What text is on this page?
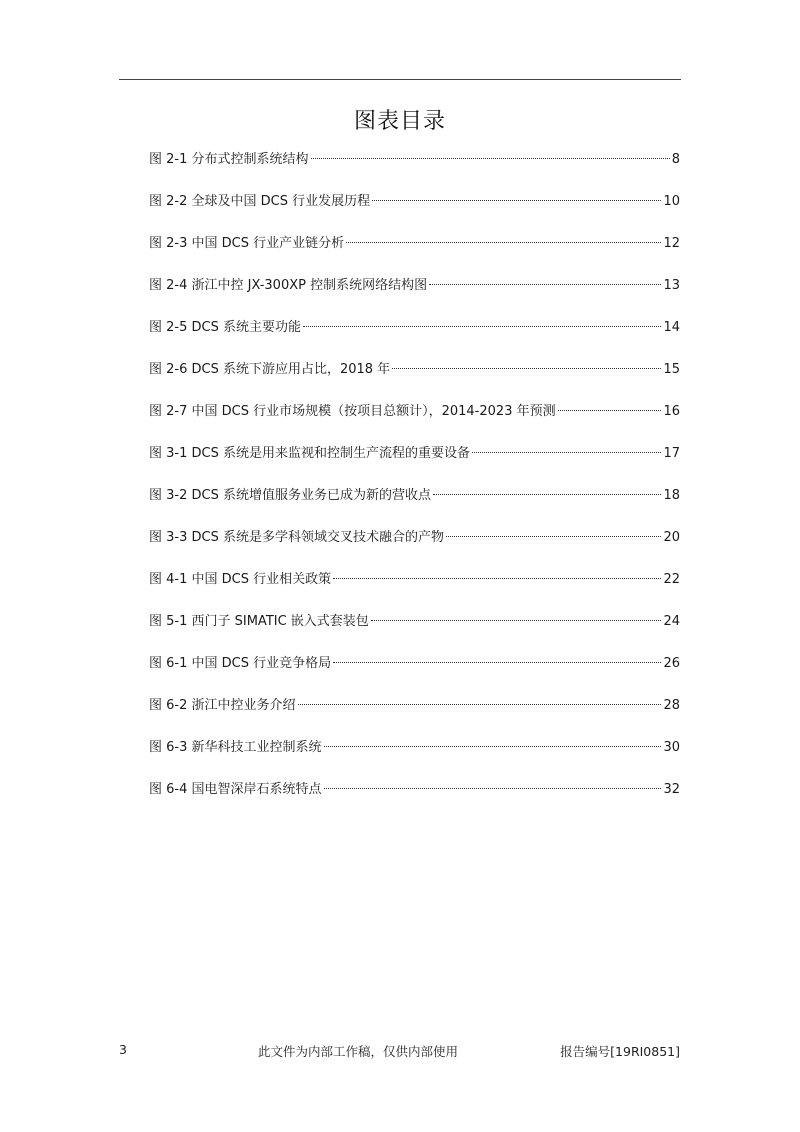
图表目录
图 2-1 分布式控制系统结构	8
图 2-2 全球及中国 DCS 行业发展历程	10
图 2-3 中国 DCS 行业产业链分析	12
图 2-4 浙江中控 JX-300XP 控制系统网络结构图	13
图 2-5 DCS 系统主要功能	14
图 2-6 DCS 系统下游应用占比，2018 年	15
图 2-7 中国 DCS 行业市场规模（按项目总额计），2014-2023 年预测	16
图 3-1 DCS 系统是用来监视和控制生产流程的重要设备	17
图 3-2 DCS 系统增值服务业务已成为新的营收点	18
图 3-3 DCS 系统是多学科领域交叉技术融合的产物	20
图 4-1 中国 DCS 行业相关政策	22
图 5-1 西门子 SIMATIC 嵌入式套装包	24
图 6-1 中国 DCS 行业竞争格局	26
图 6-2 浙江中控业务介绍	28
图 6-3 新华科技工业控制系统	30
图 6-4 国电智深岸石系统特点	32
3	此文件为内部工作稿，仅供内部使用	报告编号[19RI0851]
